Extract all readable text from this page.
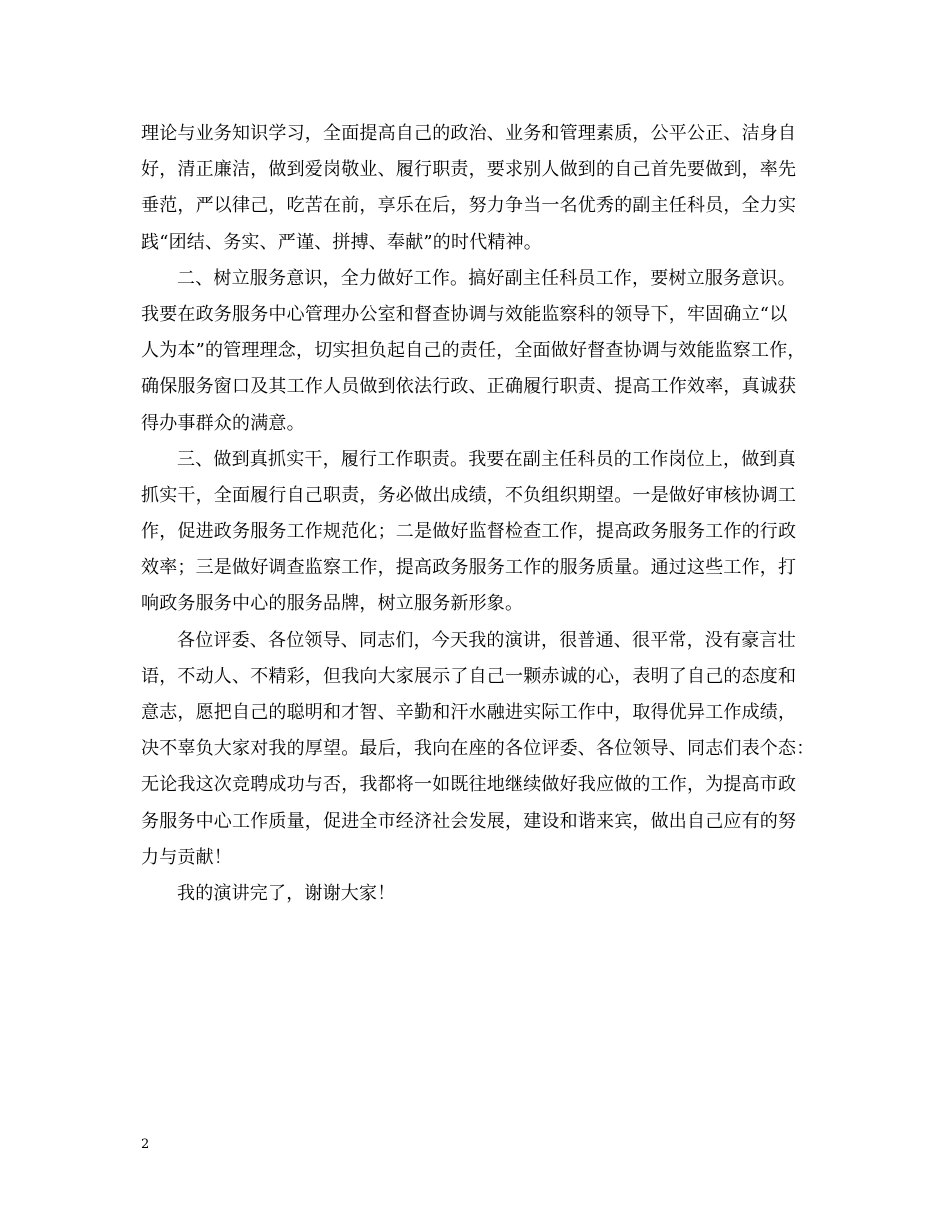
理论与业务知识学习，全面提高自己的政治、业务和管理素质，公平公正、洁身自
好，清正廉洁，做到爱岗敬业、履行职责，要求别人做到的自己首先要做到，率先
垂范，严以律己，吃苦在前，享乐在后，努力争当一名优秀的副主任科员，全力实
践“团结、务实、严谨、拼搏、奉献”的时代精神。
二、树立服务意识，全力做好工作。搞好副主任科员工作，要树立服务意识。
我要在政务服务中心管理办公室和督查协调与效能监察科的领导下，牢固确立“以
人为本”的管理理念，切实担负起自己的责任，全面做好督查协调与效能监察工作，
确保服务窗口及其工作人员做到依法行政、正确履行职责、提高工作效率，真诚获
得办事群众的满意。
三、做到真抓实干，履行工作职责。我要在副主任科员的工作岗位上，做到真
抓实干，全面履行自己职责，务必做出成绩，不负组织期望。一是做好审核协调工
作，促进政务服务工作规范化；二是做好监督检查工作，提高政务服务工作的行政
效率；三是做好调查监察工作，提高政务服务工作的服务质量。通过这些工作，打
响政务服务中心的服务品牌，树立服务新形象。
各位评委、各位领导、同志们，今天我的演讲，很普通、很平常，没有豪言壮
语，不动人、不精彩，但我向大家展示了自己一颗赤诚的心，表明了自己的态度和
意志，愿把自己的聪明和才智、辛勤和汗水融进实际工作中，取得优异工作成绩，
决不辜负大家对我的厚望。最后，我向在座的各位评委、各位领导、同志们表个态：
无论我这次竞聘成功与否，我都将一如既往地继续做好我应做的工作，为提高市政
务服务中心工作质量，促进全市经济社会发展，建设和谐来宾，做出自己应有的努
力与贡献！
我的演讲完了，谢谢大家！
2
